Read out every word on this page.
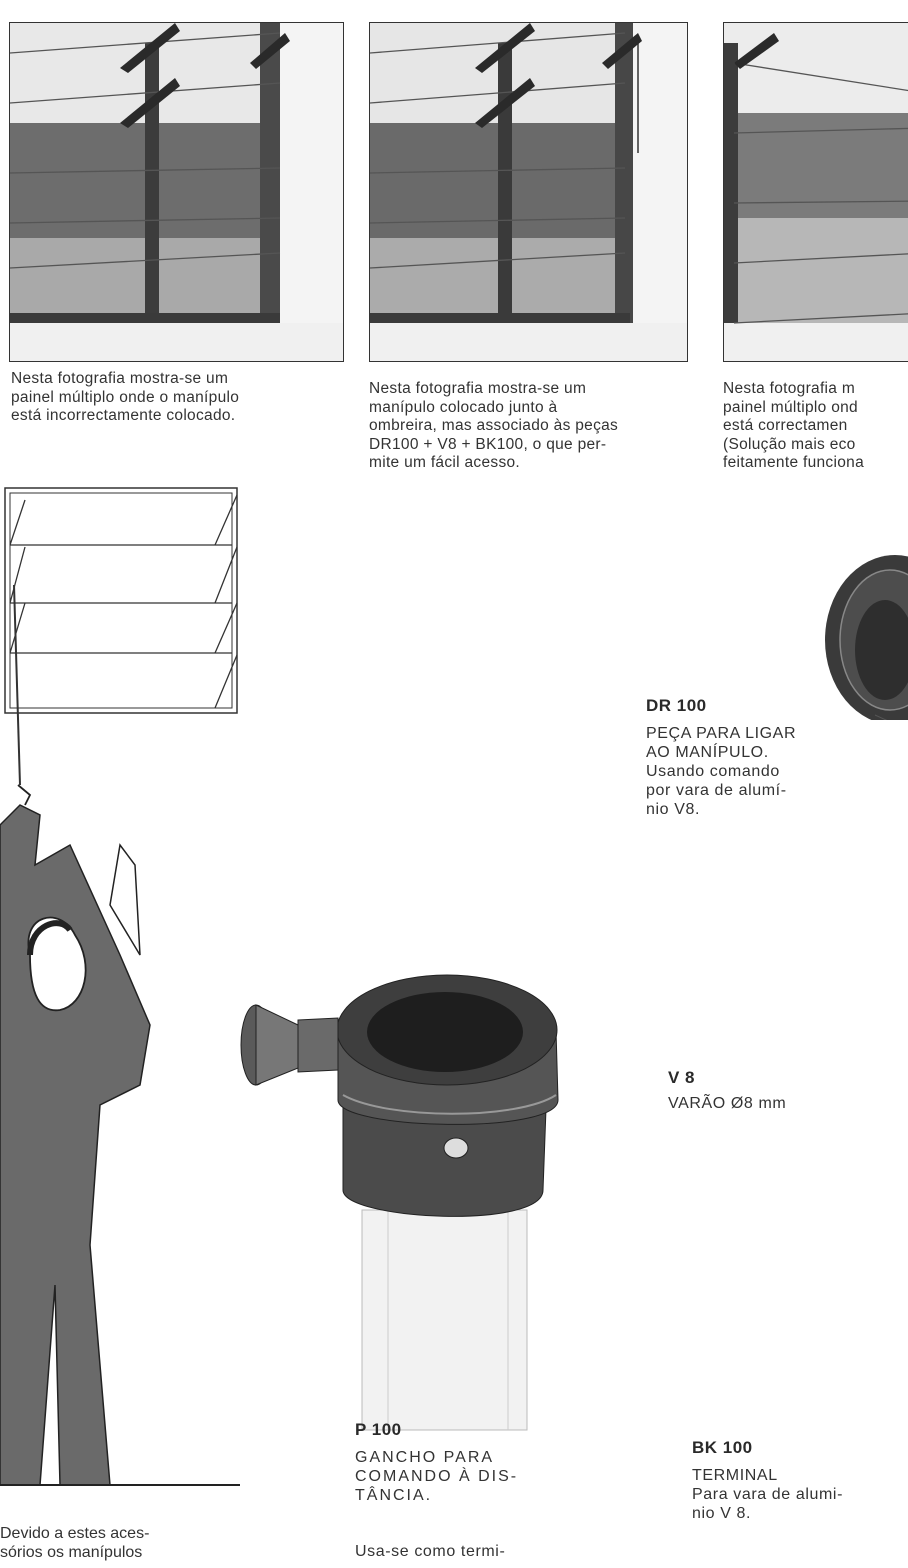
Nesta fotografia mostra-se um
painel múltiplo onde o manípulo
está incorrectamente colocado.
Nesta fotografia mostra-se um
manípulo colocado junto à
ombreira, mas associado às peças
DR100 + V8 + BK100, o que per-
mite um fácil acesso.
Nesta fotografia m
painel múltiplo ond
está correctamen
(Solução mais eco
feitamente funciona
DR 100
PEÇA PARA LIGAR
AO MANÍPULO.
Usando comando
por vara de alumí-
nio V8.
V 8
VARÃO Ø8 mm
P 100
GANCHO PARA
COMANDO À DIS-
TÂNCIA.
Usa-se como termi-
BK 100
TERMINAL
Para vara de alumi-
nio V 8.
Devido a estes aces-
sórios os manípulos
